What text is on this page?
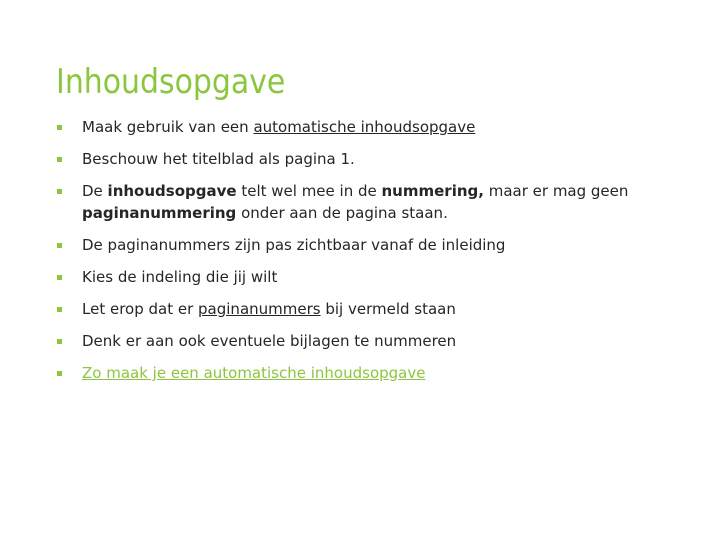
Inhoudsopgave
Maak gebruik van een automatische inhoudsopgave
Beschouw het titelblad als pagina 1.
De inhoudsopgave telt wel mee in de nummering, maar er mag geen paginanummering onder aan de pagina staan.
De paginanummers zijn pas zichtbaar vanaf de inleiding
Kies de indeling die jij wilt
Let erop dat er paginanummers bij vermeld staan
Denk er aan ook eventuele bijlagen te nummeren
Zo maak je een automatische inhoudsopgave
